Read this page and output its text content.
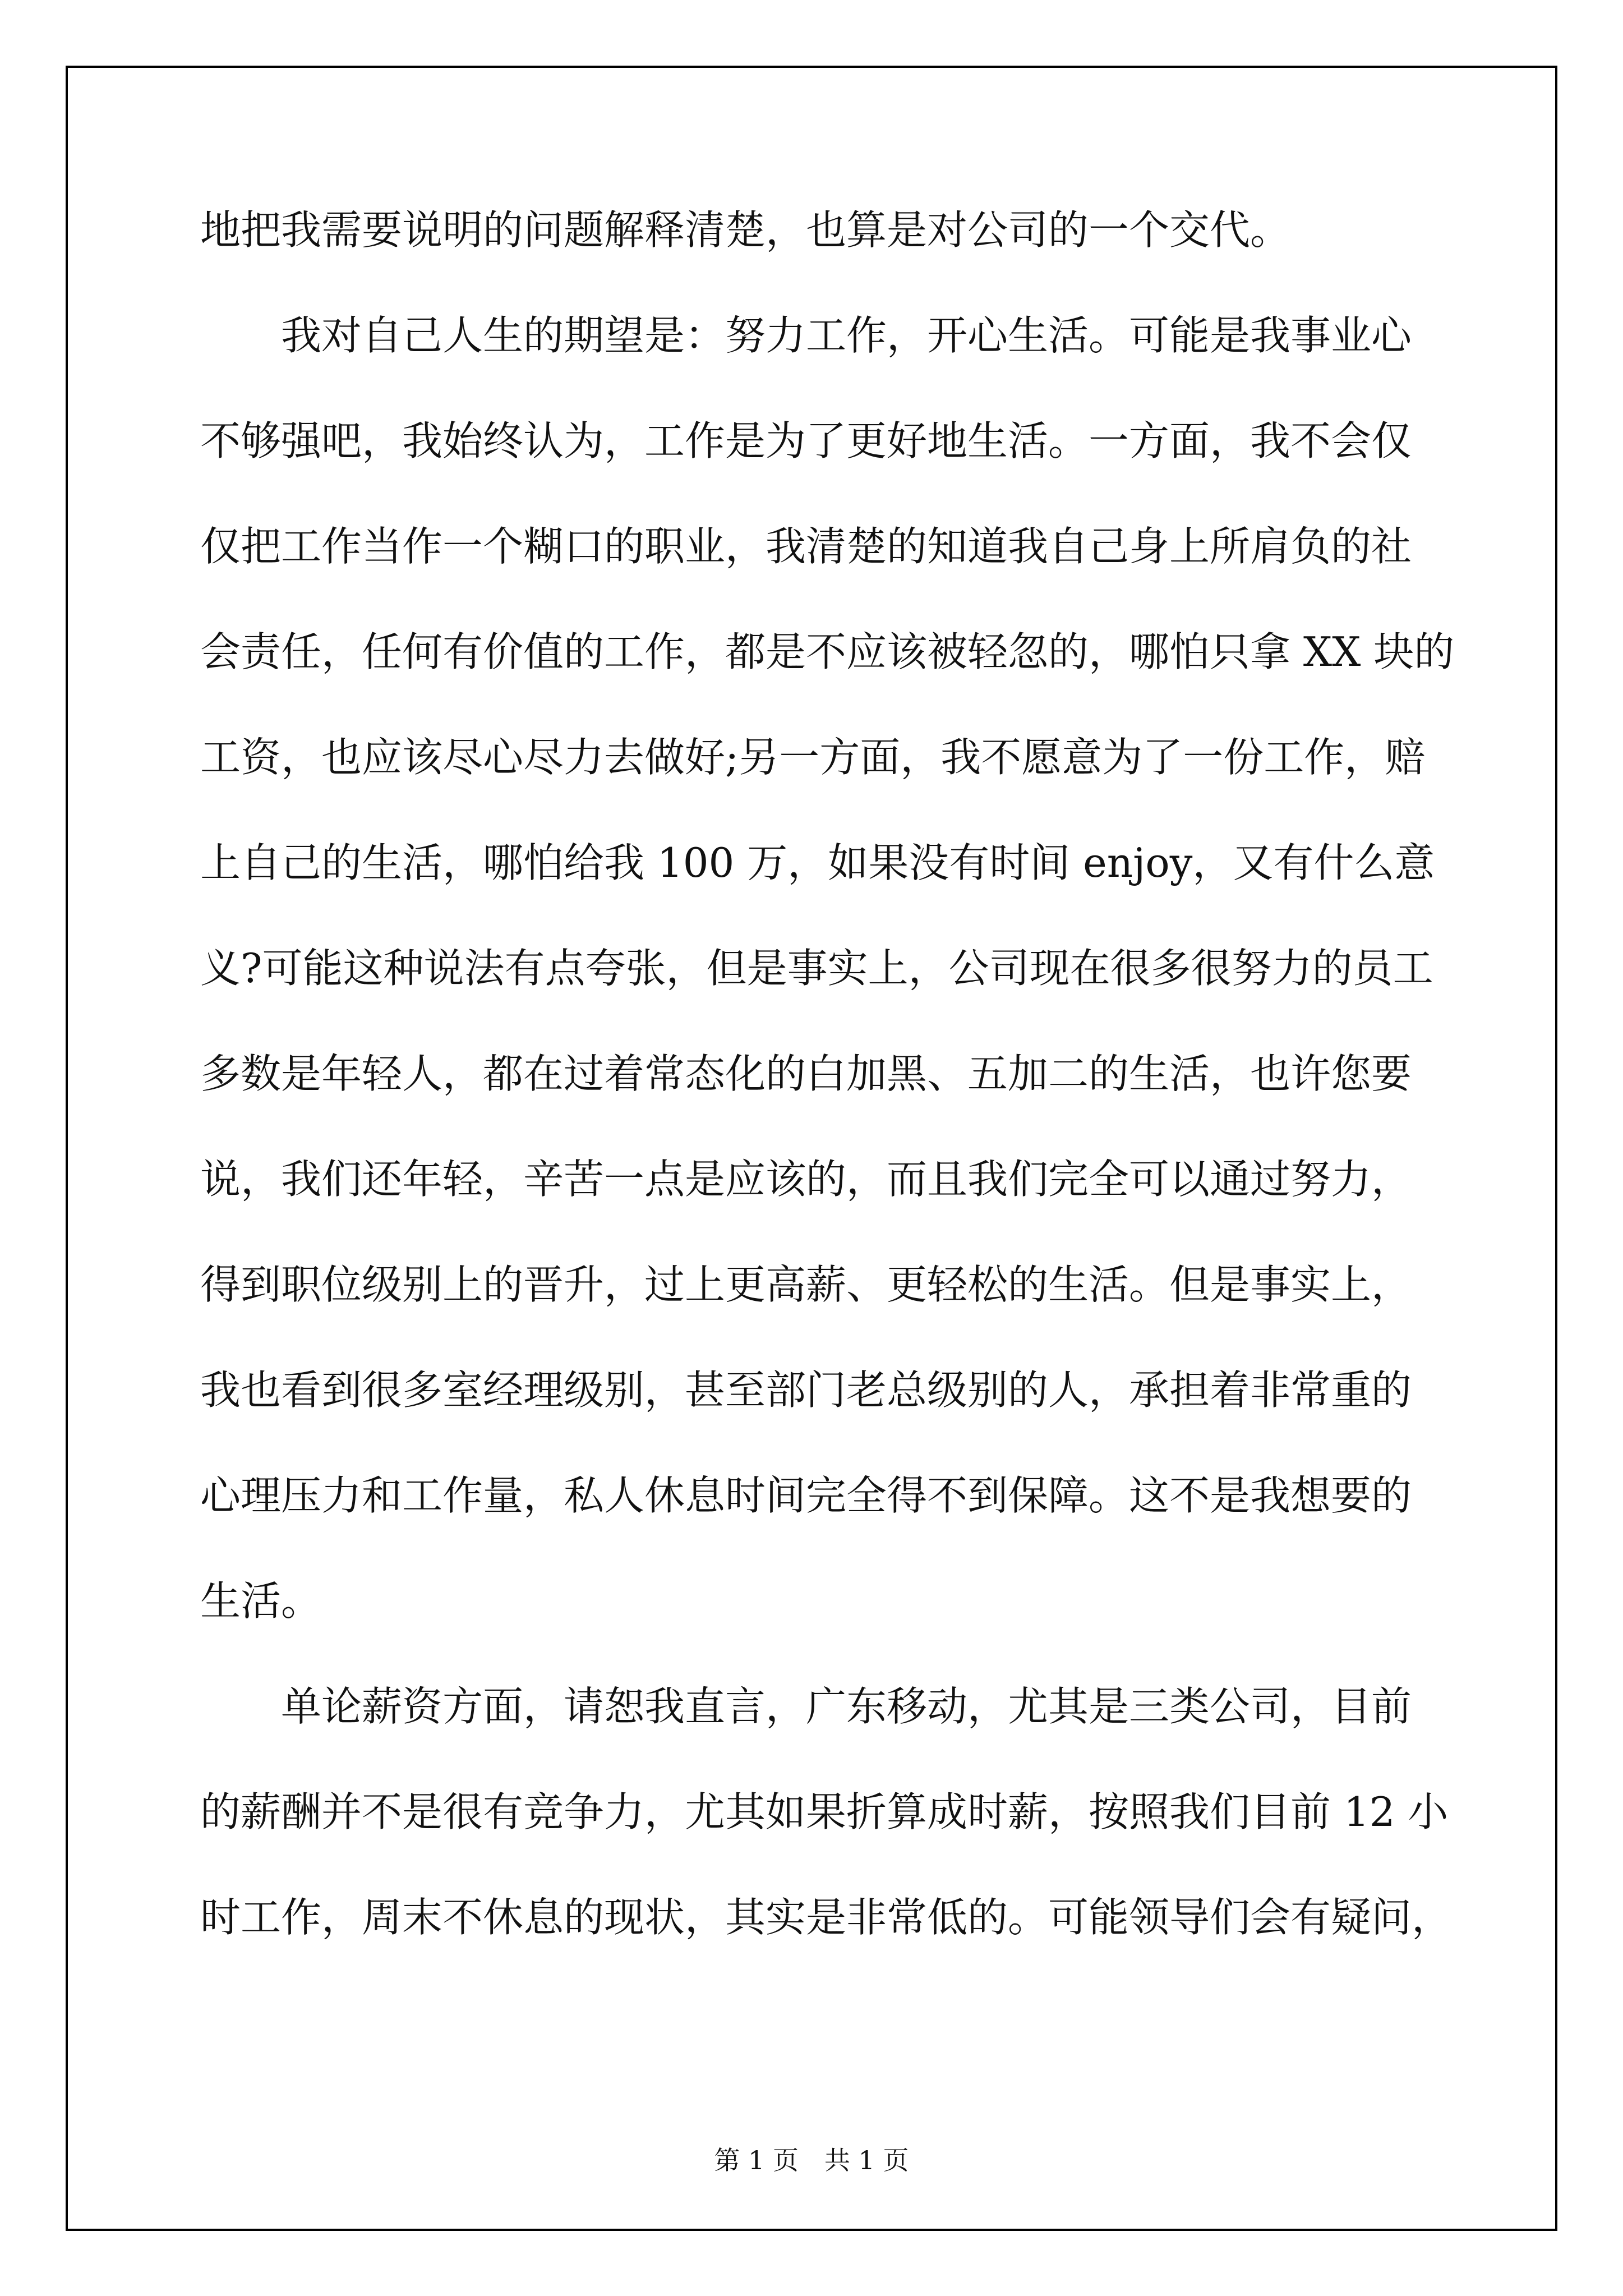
地把我需要说明的问题解释清楚，也算是对公司的一个交代。
　　我对自己人生的期望是：努力工作，开心生活。可能是我事业心
不够强吧，我始终认为，工作是为了更好地生活。一方面，我不会仅
仅把工作当作一个糊口的职业，我清楚的知道我自己身上所肩负的社
会责任，任何有价值的工作，都是不应该被轻忽的，哪怕只拿 XX 块的
工资，也应该尽心尽力去做好;另一方面，我不愿意为了一份工作，赔
上自己的生活，哪怕给我 100 万，如果没有时间 enjoy，又有什么意
义?可能这种说法有点夸张，但是事实上，公司现在很多很努力的员工
多数是年轻人，都在过着常态化的白加黑、五加二的生活，也许您要
说，我们还年轻，辛苦一点是应该的，而且我们完全可以通过努力，
得到职位级别上的晋升，过上更高薪、更轻松的生活。但是事实上，
我也看到很多室经理级别，甚至部门老总级别的人，承担着非常重的
心理压力和工作量，私人休息时间完全得不到保障。这不是我想要的
生活。
　　单论薪资方面，请恕我直言，广东移动，尤其是三类公司，目前
的薪酬并不是很有竞争力，尤其如果折算成时薪，按照我们目前 12 小
时工作，周末不休息的现状，其实是非常低的。可能领导们会有疑问，
第 1 页　共 1 页
